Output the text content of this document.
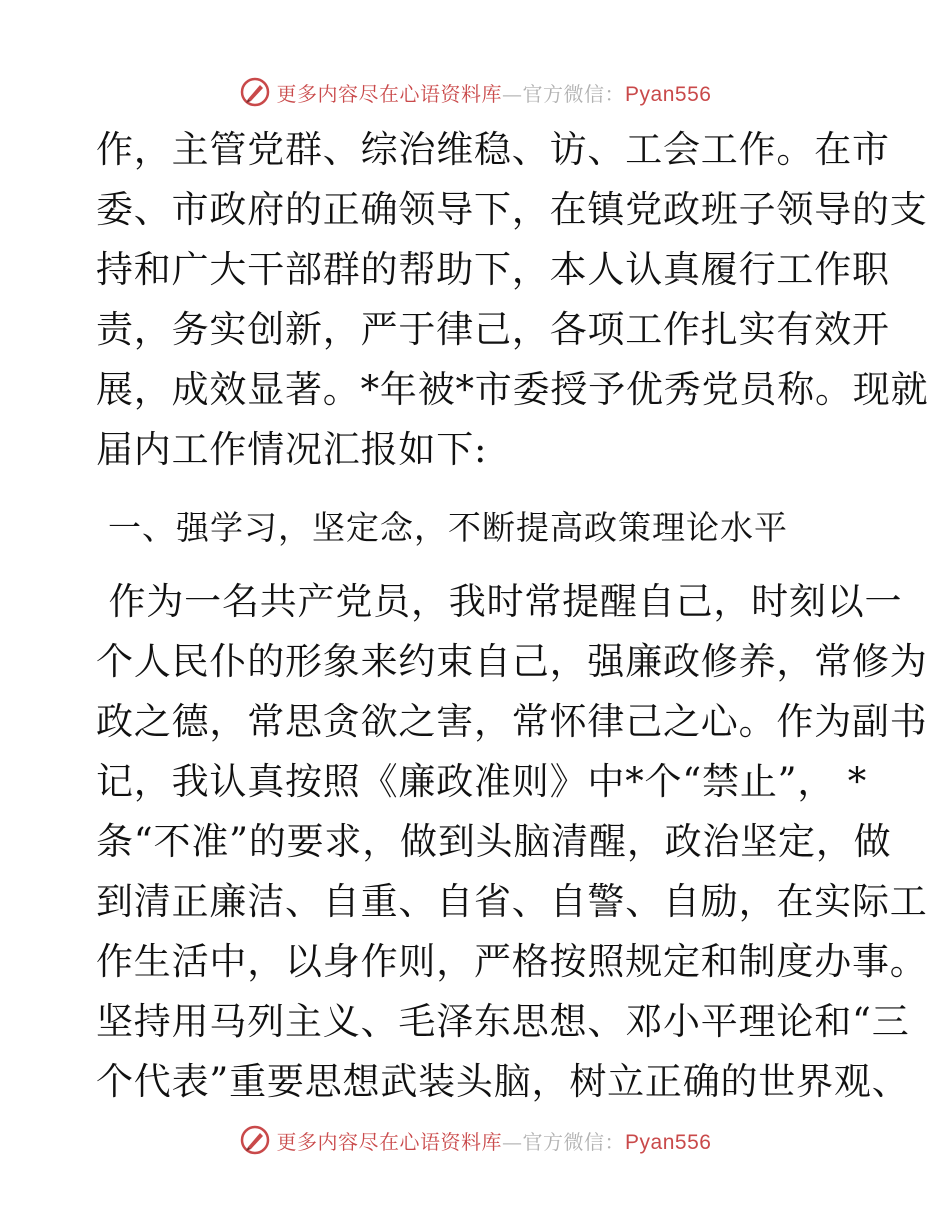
更多内容尽在心语资料库—官方微信：Pyan556
作，主管党群、综治维稳、访、工会工作。在市
委、市政府的正确领导下，在镇党政班子领导的支
持和广大干部群的帮助下，本人认真履行工作职
责，务实创新，严于律己，各项工作扎实有效开
展，成效显著。*年被*市委授予优秀党员称。现就
届内工作情况汇报如下:
一、强学习，坚定念，不断提高政策理论水平
作为一名共产党员，我时常提醒自己，时刻以一
个人民仆的形象来约束自己，强廉政修养，常修为
政之德，常思贪欲之害，常怀律己之心。作为副书
记，我认真按照《廉政准则》中*个“禁止”， *
条“不准”的要求，做到头脑清醒，政治坚定，做
到清正廉洁、自重、自省、自警、自励，在实际工
作生活中，以身作则，严格按照规定和制度办事。
坚持用马列主义、毛泽东思想、邓小平理论和“三
个代表”重要思想武装头脑，树立正确的世界观、
更多内容尽在心语资料库—官方微信：Pyan556
